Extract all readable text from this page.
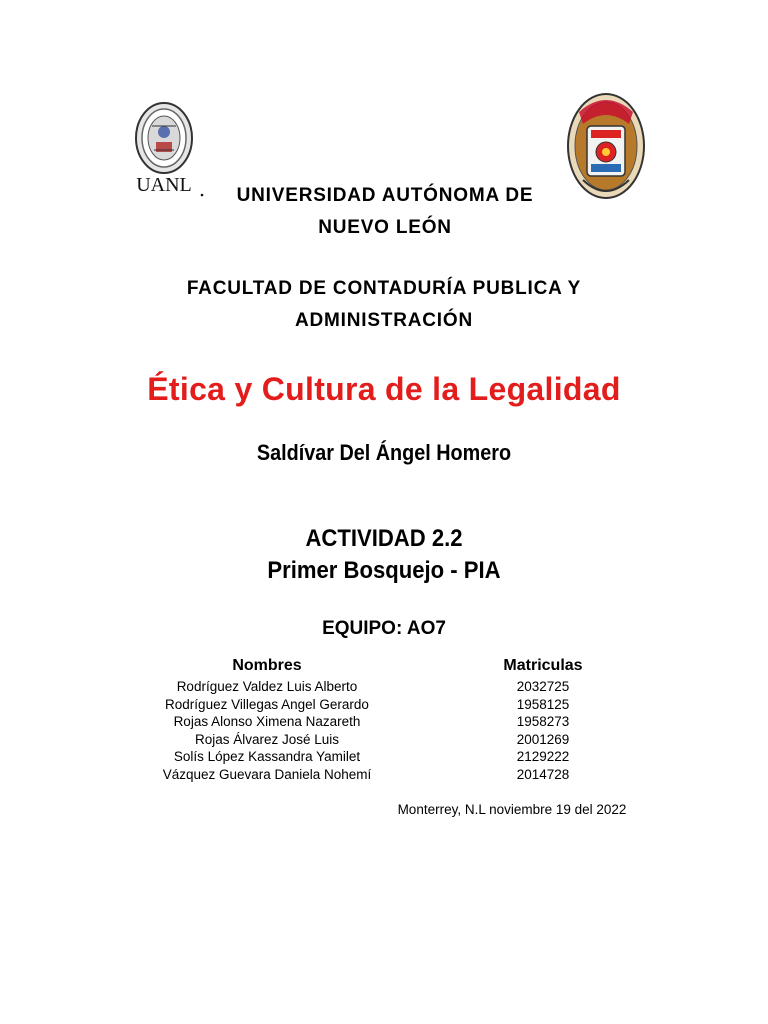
UANL	UNIVERSIDAD AUTÓNOMA DE
NUEVO LEÓN
FACULTAD DE CONTADURÍA PUBLICA Y
ADMINISTRACIÓN
Ética y Cultura de la Legalidad
Saldívar Del Ángel Homero
ACTIVIDAD 2.2
Primer Bosquejo - PIA
EQUIPO: AO7
Nombres	Matriculas
Rodríguez Valdez Luis Alberto	2032725
Rodríguez Villegas Angel Gerardo	1958125
Rojas Alonso Ximena Nazareth	1958273
Rojas Álvarez José Luis	2001269
Solís López Kassandra Yamilet	2129222
Vázquez Guevara Daniela Nohemí	2014728
Monterrey, N.L noviembre 19 del 2022
